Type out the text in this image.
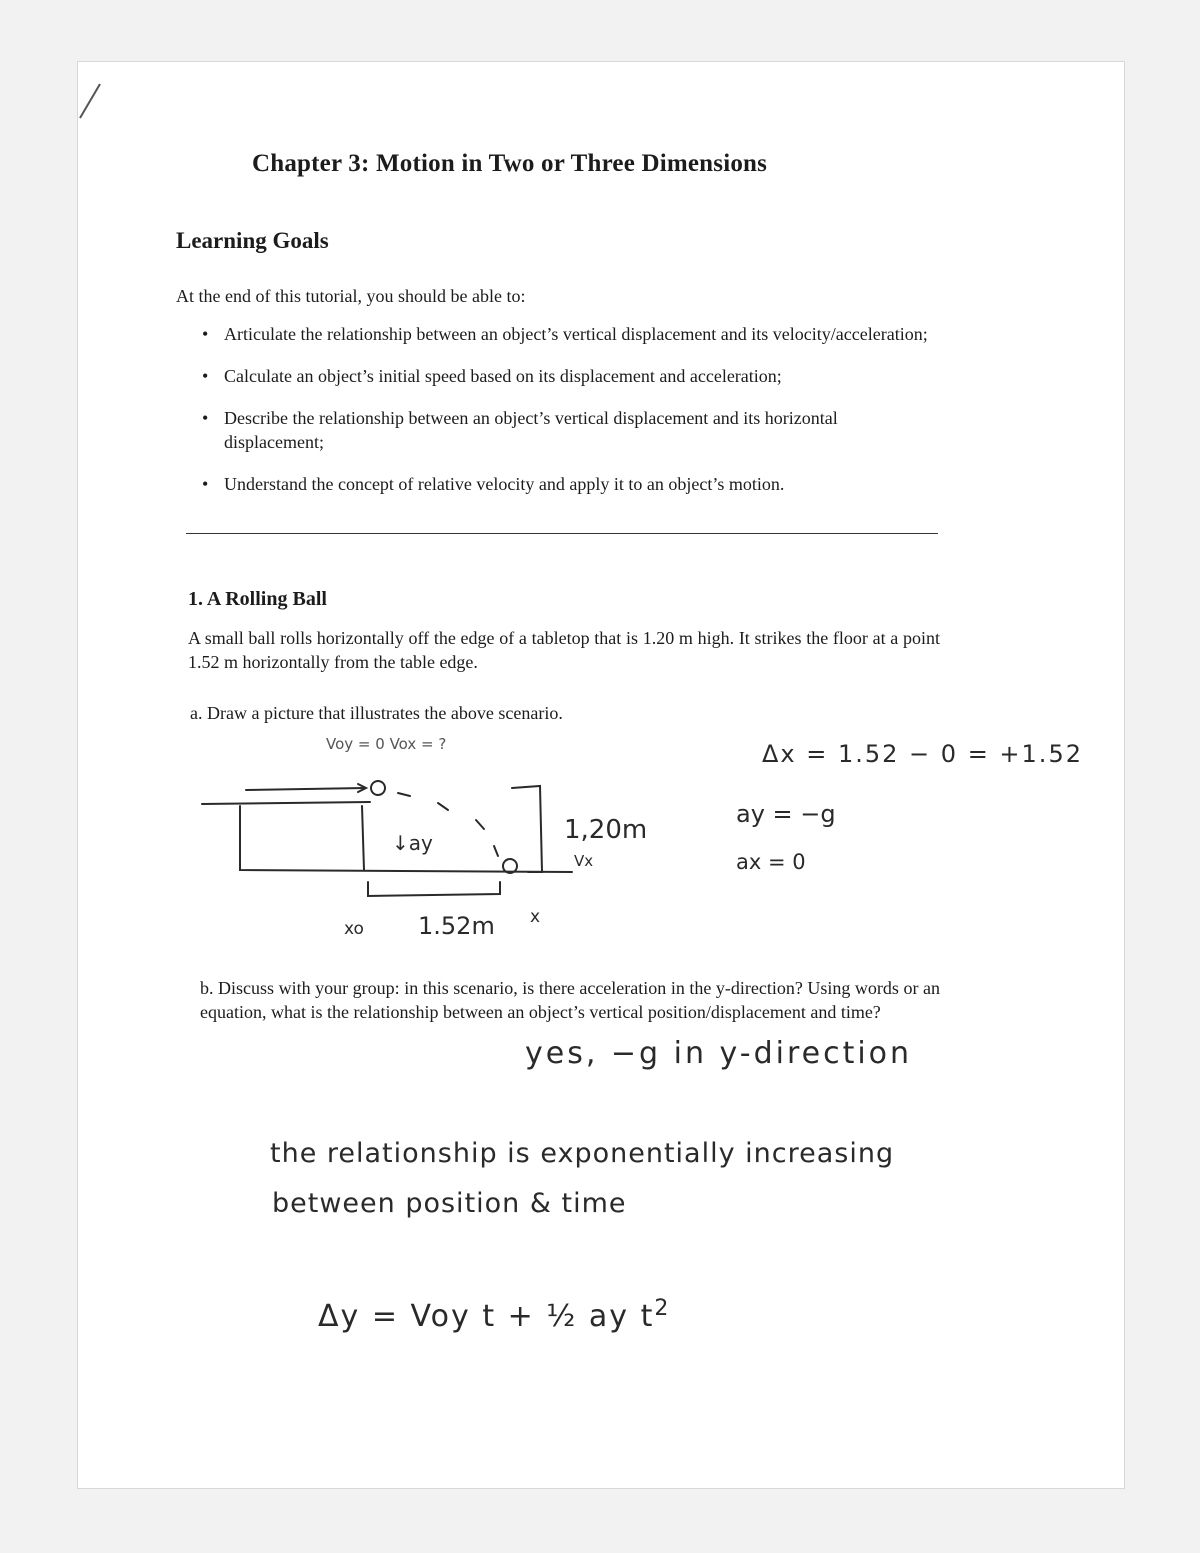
Chapter 3: Motion in Two or Three Dimensions
Learning Goals
At the end of this tutorial, you should be able to:
• Articulate the relationship between an object’s vertical displacement and its velocity/acceleration;
• Calculate an object’s initial speed based on its displacement and acceleration;
• Describe the relationship between an object’s vertical displacement and its horizontal displacement;
• Understand the concept of relative velocity and apply it to an object’s motion.
1. A Rolling Ball
A small ball rolls horizontally off the edge of a tabletop that is 1.20 m high. It strikes the floor at a point 1.52 m horizontally from the table edge.
a. Draw a picture that illustrates the above scenario.
↓ay	1,20m
Vx
xo 1.52m x
Voy = 0 Vox = ?	Δx = 1.52 − 0 = +1.52
ay = −g
ax = 0
b. Discuss with your group: in this scenario, is there acceleration in the y-direction? Using words or an equation, what is the relationship between an object’s vertical position/displacement and time?
yes, −g in y-direction
the relationship is exponentially increasing
between position & time
Δy = Voy t + ½ ay $t^2$
